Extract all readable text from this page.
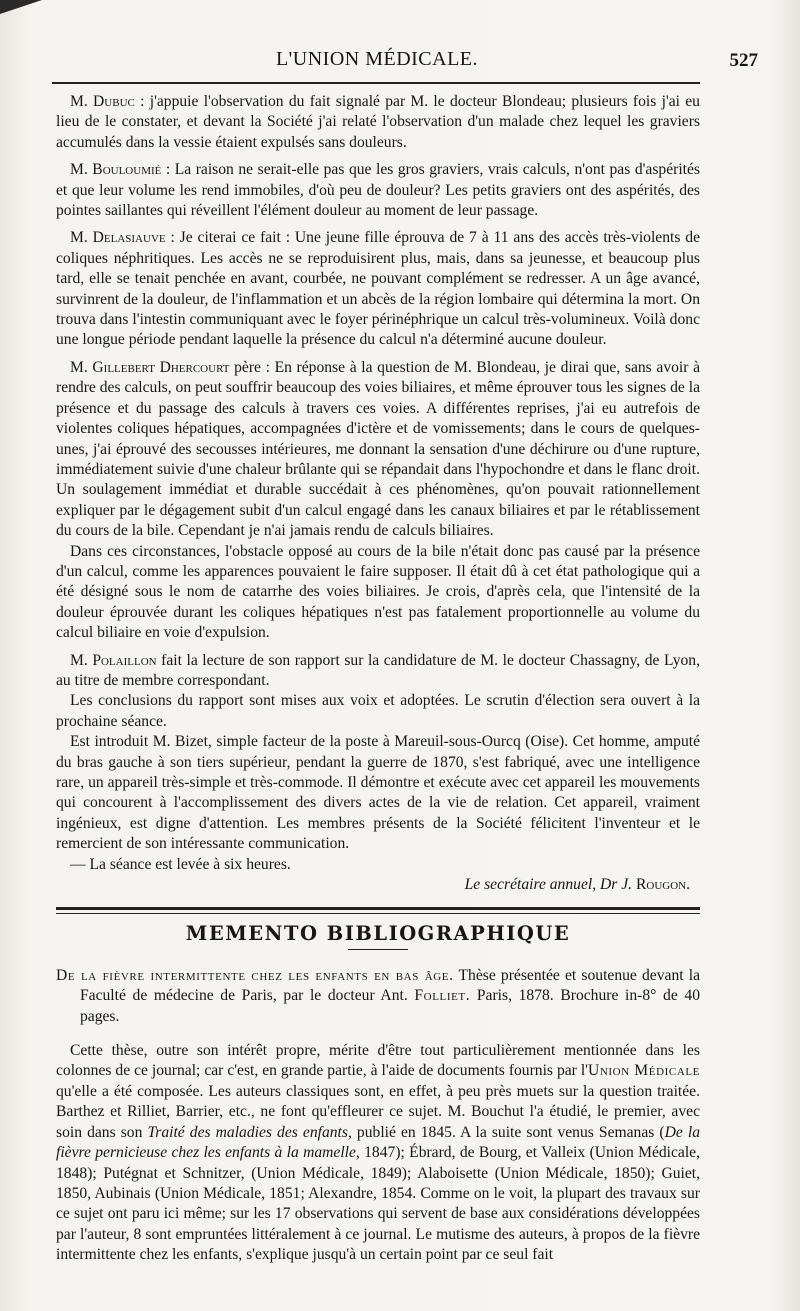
L'UNION MÉDICALE.	527

M. Dubuc : j'appuie l'observation du fait signalé par M. le docteur Blondeau; plusieurs fois j'ai eu lieu de le constater, et devant la Société j'ai relaté l'observation d'un malade chez lequel les graviers accumulés dans la vessie étaient expulsés sans douleurs.

M. Bouloumié : La raison ne serait-elle pas que les gros graviers, vrais calculs, n'ont pas d'aspérités et que leur volume les rend immobiles, d'où peu de douleur? Les petits graviers ont des aspérités, des pointes saillantes qui réveillent l'élément douleur au moment de leur passage.

M. Delasiauve : Je citerai ce fait : Une jeune fille éprouva de 7 à 11 ans des accès très-violents de coliques néphritiques. Les accès ne se reproduisirent plus, mais, dans sa jeunesse, et beaucoup plus tard, elle se tenait penchée en avant, courbée, ne pouvant complément se redresser. A un âge avancé, survinrent de la douleur, de l'inflammation et un abcès de la région lombaire qui détermina la mort. On trouva dans l'intestin communiquant avec le foyer périnéphrique un calcul très-volumineux. Voilà donc une longue période pendant laquelle la présence du calcul n'a déterminé aucune douleur.

M. Gillebert Dhercourt père : En réponse à la question de M. Blondeau, je dirai que, sans avoir à rendre des calculs, on peut souffrir beaucoup des voies biliaires, et même éprouver tous les signes de la présence et du passage des calculs à travers ces voies. A différentes reprises, j'ai eu autrefois de violentes coliques hépatiques, accompagnées d'ictère et de vomissements; dans le cours de quelques-unes, j'ai éprouvé des secousses intérieures, me donnant la sensation d'une déchirure ou d'une rupture, immédiatement suivie d'une chaleur brûlante qui se répandait dans l'hypochondre et dans le flanc droit. Un soulagement immédiat et durable succédait à ces phénomènes, qu'on pouvait rationnellement expliquer par le dégagement subit d'un calcul engagé dans les canaux biliaires et par le rétablissement du cours de la bile. Cependant je n'ai jamais rendu de calculs biliaires.

Dans ces circonstances, l'obstacle opposé au cours de la bile n'était donc pas causé par la présence d'un calcul, comme les apparences pouvaient le faire supposer. Il était dû à cet état pathologique qui a été désigné sous le nom de catarrhe des voies biliaires. Je crois, d'après cela, que l'intensité de la douleur éprouvée durant les coliques hépatiques n'est pas fatalement proportionnelle au volume du calcul biliaire en voie d'expulsion.

M. Polaillon fait la lecture de son rapport sur la candidature de M. le docteur Chassagny, de Lyon, au titre de membre correspondant.

Les conclusions du rapport sont mises aux voix et adoptées. Le scrutin d'élection sera ouvert à la prochaine séance.

Est introduit M. Bizet, simple facteur de la poste à Mareuil-sous-Ourcq (Oise). Cet homme, amputé du bras gauche à son tiers supérieur, pendant la guerre de 1870, s'est fabriqué, avec une intelligence rare, un appareil très-simple et très-commode. Il démontre et exécute avec cet appareil les mouvements qui concourent à l'accomplissement des divers actes de la vie de relation. Cet appareil, vraiment ingénieux, est digne d'attention. Les membres présents de la Société félicitent l'inventeur et le remercient de son intéressante communication.

— La séance est levée à six heures.

Le secrétaire annuel, Dr J. Rougon.

MEMENTO BIBLIOGRAPHIQUE

De la fièvre intermittente chez les enfants en bas âge. Thèse présentée et soutenue devant la Faculté de médecine de Paris, par le docteur Ant. Folliet. Paris, 1878. Brochure in-8° de 40 pages.

Cette thèse, outre son intérêt propre, mérite d'être tout particulièrement mentionnée dans les colonnes de ce journal; car c'est, en grande partie, à l'aide de documents fournis par l'Union Médicale qu'elle a été composée. Les auteurs classiques sont, en effet, à peu près muets sur la question traitée. Barthez et Rilliet, Barrier, etc., ne font qu'effleurer ce sujet. M. Bouchut l'a étudié, le premier, avec soin dans son Traité des maladies des enfants, publié en 1845. A la suite sont venus Semanas (De la fièvre pernicieuse chez les enfants à la mamelle, 1847); Ébrard, de Bourg, et Valleix (Union Médicale, 1848); Putégnat et Schnitzer, (Union Médicale, 1849); Alaboisette (Union Médicale, 1850); Guiet, 1850, Aubinais (Union Médicale, 1851; Alexandre, 1854. Comme on le voit, la plupart des travaux sur ce sujet ont paru ici même; sur les 17 observations qui servent de base aux considérations développées par l'auteur, 8 sont empruntées littéralement à ce journal. Le mutisme des auteurs, à propos de la fièvre intermittente chez les enfants, s'explique jusqu'à un certain point par ce seul fait
